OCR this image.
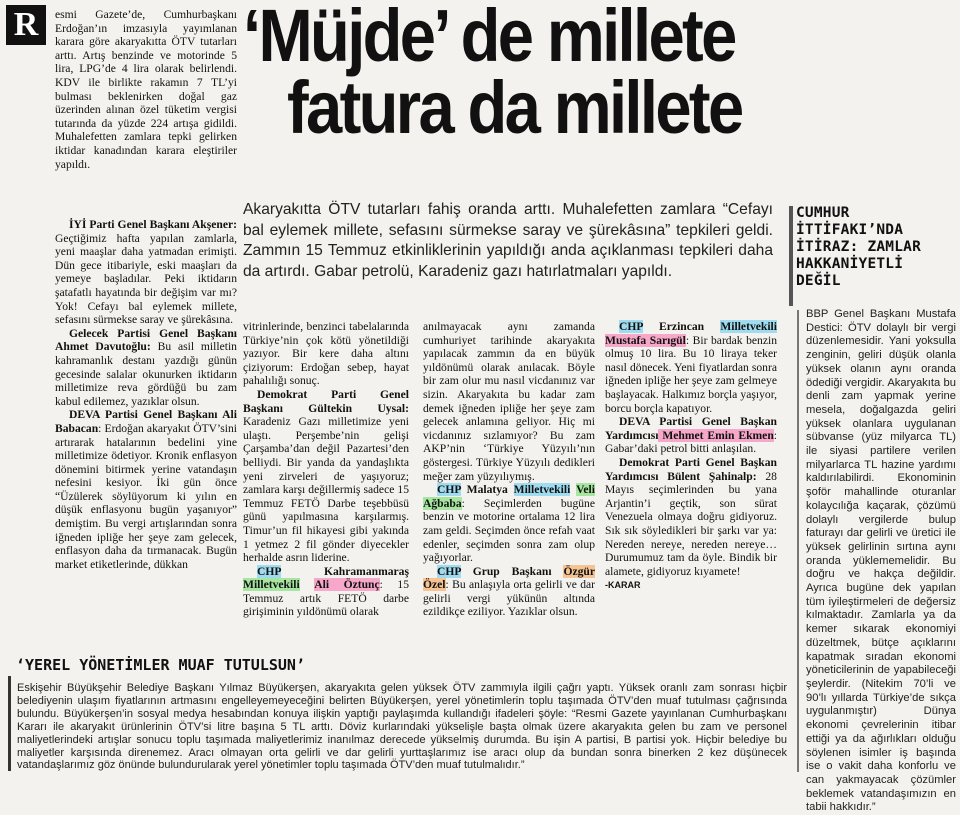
R	‘Müjde’ de millete
fatura da millete
Akaryakıtta ÖTV tutarları fahiş oranda arttı. Muhalefetten zamlara “Cefayı bal eylemek millete, sefasını sürmekse saray ve şürekâsına” tepkileri geldi. Zammın 15 Temmuz etkinliklerinin yapıldığı anda açıklanması tepkileri daha da artırdı. Gabar petrolü, Karadeniz gazı hatırlatmaları yapıldı.

esmi Gazete’de, Cumhurbaşkanı Erdoğan’ın imzasıyla yayımlanan karara göre akaryakıtta ÖTV tutarları arttı. Artış benzinde ve motorinde 5 lira, LPG’de 4 lira olarak belirlendi. KDV ile birlikte rakamın 7 TL’yi bulması beklenirken doğal gaz üzerinden alınan özel tüketim vergisi tutarında da yüzde 224 artışa gidildi. Muhalefetten zamlara tepki gelirken iktidar kanadından karara eleştiriler yapıldı.

İYİ Parti Genel Başkanı Akşener: Geçtiğimiz hafta yapılan zamlarla, yeni maaşlar daha yatmadan erimişti. Dün gece itibariyle, eski maaşları da yemeye başladılar. Peki iktidarın şatafatlı hayatında bir değişim var mı? Yok! Cefayı bal eylemek millete, sefasını sürmekse saray ve şürekâsına.

Gelecek Partisi Genel Başkanı Ahmet Davutoğlu: Bu asil milletin kahramanlık destanı yazdığı günün gecesinde salalar okunurken iktidarın milletimize reva gördüğü bu zam kabul edilemez, yazıklar olsun.

DEVA Partisi Genel Başkanı Ali Babacan: Erdoğan akaryakıt ÖTV’sini artırarak hatalarının bedelini yine milletimize ödetiyor. Kronik enflasyon dönemini bitirmek yerine vatandaşın nefesini kesiyor. İki gün önce “Üzülerek söylüyorum ki yılın en düşük enflasyonu bugün yaşanıyor” demiştim. Bu vergi artışlarından sonra iğneden ipliğe her şeye zam gelecek, enflasyon daha da tırmanacak. Bugün market etiketlerinde, dükkan

vitrinlerinde, benzinci tabelalarında Türkiye’nin çok kötü yönetildiği yazıyor. Bir kere daha altını çiziyorum: Erdoğan sebep, hayat pahalılığı sonuç.

Demokrat Parti Genel Başkanı Gültekin Uysal: Karadeniz Gazı milletimize yeni ulaştı. Perşembe’nin gelişi Çarşamba’dan değil Pazartesi’den belliydi. Bir yanda da yandaşlıkta yeni zirveleri de yaşıyoruz; zamlara karşı değillermiş sadece 15 Temmuz FETÖ Darbe teşebbüsü günü yapılmasına karşılarmış. Timur’un fil hikayesi gibi yakında 1 yetmez 2 fil gönder diyecekler herhalde asrın liderine.

CHP Kahramanmaraş Milletvekili Ali Öztunç: 15 Temmuz artık FETÖ darbe girişiminin yıldönümü olarak

anılmayacak aynı zamanda cumhuriyet tarihinde akaryakıta yapılacak zammın da en büyük yıldönümü olarak anılacak. Böyle bir zam olur mu nasıl vicdanınız var sizin. Akaryakıta bu kadar zam demek iğneden ipliğe her şeye zam gelecek anlamına geliyor. Hiç mi vicdanınız sızlamıyor? Bu zam AKP’nin ‘Türkiye Yüzyılı’nın göstergesi. Türkiye Yüzyılı dedikleri meğer zam yüzyılıymış.

CHP Malatya Milletvekili Veli Ağbaba: Seçimlerden bugüne benzin ve motorine ortalama 12 lira zam geldi. Seçimden önce refah vaat edenler, seçimden sonra zam olup yağıyorlar.

CHP Grup Başkanı Özgür Özel: Bu anlaşıyla orta gelirli ve dar gelirli vergi yükünün altında ezildikçe eziliyor. Yazıklar olsun.

CHP Erzincan Milletvekili Mustafa Sarıgül: Bir bardak benzin olmuş 10 lira. Bu 10 liraya teker nasıl dönecek. Yeni fiyatlardan sonra iğneden ipliğe her şeye zam gelmeye başlayacak. Halkımız borçla yaşıyor, borcu borçla kapatıyor.

DEVA Partisi Genel Başkan Yardımcısı Mehmet Emin Ekmen: Gabar’daki petrol bitti anlaşılan.

Demokrat Parti Genel Başkan Yardımcısı Bülent Şahinalp: 28 Mayıs seçimlerinden bu yana Arjantin’i geçtik, son sürat Venezuela olmaya doğru gidiyoruz. Sık sık söyledikleri bir şarkı var ya: Nereden nereye, nereden nereye… Durumumuz tam da öyle. Bindik bir alamete, gidiyoruz kıyamete!

-KARAR

CUMHUR İTTİFAKI’NDA İTİRAZ: ZAMLAR HAKKANİYETLİ DEĞİL
BBP Genel Başkanı Mustafa Destici: ÖTV dolaylı bir vergi düzenlemesidir. Yani yoksulla zenginin, geliri düşük olanla yüksek olanın aynı oranda ödediği vergidir. Akaryakıta bu denli zam yapmak yerine mesela, doğalgazda geliri yüksek olanlara uygulanan sübvanse (yüz milyarca TL) ile siyasi partilere verilen milyarlarca TL hazine yardımı kaldırılabilirdi. Ekonominin şoför mahallinde oturanlar kolaycılığa kaçarak, çözümü dolaylı vergilerde bulup faturayı dar gelirli ve üretici ile yüksek gelirlinin sırtına aynı oranda yüklememelidir. Bu doğru ve hakça değildir. Ayrıca bugüne dek yapılan tüm iyileştirmeleri de değersiz kılmaktadır. Zamlarla ya da kemer sıkarak ekonomiyi düzeltmek, bütçe açıklarını kapatmak sıradan ekonomi yöneticilerinin de yapabileceği şeylerdir. (Nitekim 70’li ve 90’lı yıllarda Türkiye’de sıkça uygulanmıştır) Dünya ekonomi çevrelerinin itibar ettiği ya da ağırlıkları olduğu söylenen isimler iş başında ise o vakit daha konforlu ve can yakmayacak çözümler beklemek vatandaşımızın en tabii hakkıdır.”
‘YEREL YÖNETİMLER MUAF TUTULSUN’
Eskişehir Büyükşehir Belediye Başkanı Yılmaz Büyükerşen, akaryakıta gelen yüksek ÖTV zammıyla ilgili çağrı yaptı. Yüksek oranlı zam sonrası hiçbir belediyenin ulaşım fiyatlarının artmasını engelleyemeyeceğini belirten Büyükerşen, yerel yönetimlerin toplu taşımada ÖTV’den muaf tutulması çağrısında bulundu. Büyükerşen’in sosyal medya hesabından konuya ilişkin yaptığı paylaşımda kullandığı ifadeleri şöyle: “Resmi Gazete yayınlanan Cumhurbaşkanı Kararı ile akaryakıt ürünlerinin ÖTV’si litre başına 5 TL arttı. Döviz kurlarındaki yükselişle başta olmak üzere akaryakıta gelen bu zam ve personel maliyetlerindeki artışlar sonucu toplu taşımada maliyetlerimiz inanılmaz derecede yükselmiş durumda. Bu işin A partisi, B partisi yok. Hiçbir belediye bu maliyetler karşısında direnemez. Aracı olmayan orta gelirli ve dar gelirli yurttaşlarımız ise aracı olup da bundan sonra binerken 2 kez düşünecek vatandaşlarımız göz önünde bulundurularak yerel yönetimler toplu taşımada ÖTV’den muaf tutulmalıdır.”
